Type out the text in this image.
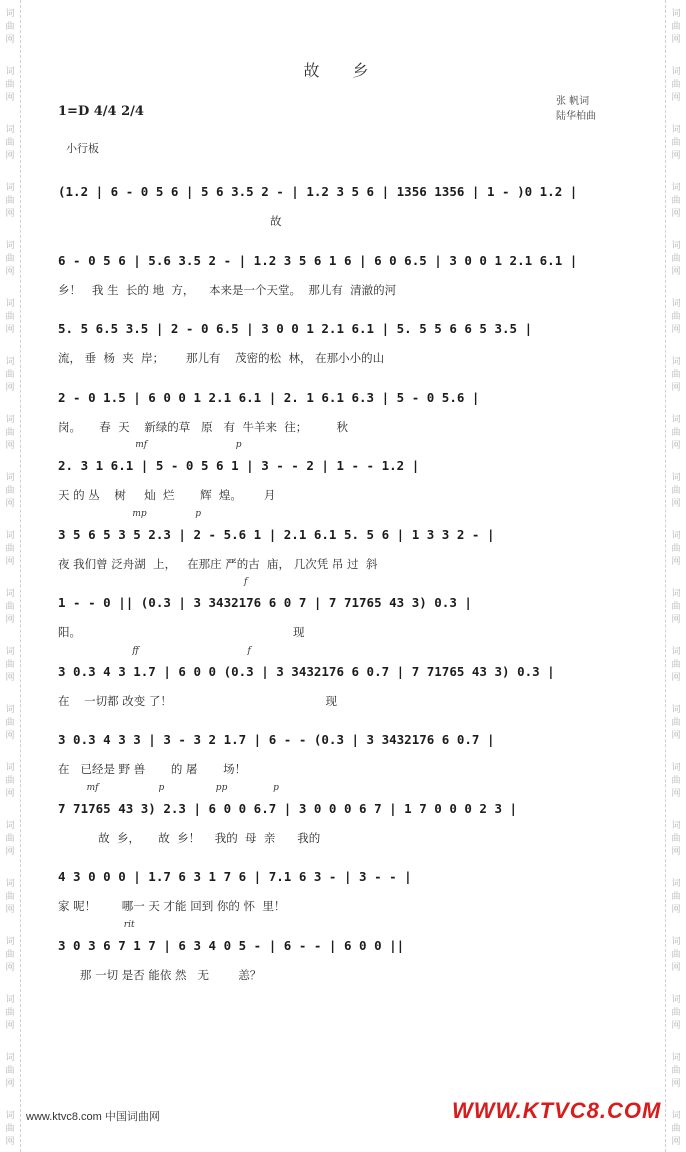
词
曲
网
词
曲
网
词
曲
网
词
曲
网
词
曲
网
词
曲
网
词
曲
网
词
曲
网
词
曲
网
词
曲
网
词
曲
网
词
曲
网
词
曲
网
词
曲
网
词
曲
网
词
曲
网
词
曲
网
词
曲
网
词
曲
网
词
曲
网
词
曲
网
词
曲
网
词
曲
网
词
曲
网
词
曲
网
词
曲
网
词
曲
网
词
曲
网
词
曲
网
词
曲
网
词
曲
网
词
曲
网
词
曲
网
词
曲
网
词
曲
网
词
曲
网
词
曲
网
词
曲
网
词
曲
网
词
曲
网
故 乡
1=D 4/4 2/4
张 帆词
陆华柏曲
小行板
(1.2 | 6 - 0 5 6 | 5 6 3.5 2 - | 1.2 3 5 6 | 1356 1356 | 1 - )0 1.2 |
故
6 - 0 5 6 | 5.6 3.5 2 - | 1.2 3 5 6 1 6 | 6 0 6.5 | 3 0 0 1 2.1 6.1 |
乡！   我 生  长的 地  方，    本来是一个天堂。  那儿有  清澈的河
5. 5 6.5 3.5 | 2 - 0 6.5 | 3 0 0 1 2.1 6.1 | 5. 5 5 6 6 5 3.5 |
流， 垂  杨  夹  岸；      那儿有    茂密的松  林， 在那小小的山
2 - 0 1.5 | 6 0 0 1 2.1 6.1 | 2. 1 6.1 6.3 | 5 - 0 5.6 |
岗。     春  天    新绿的草   原   有  牛羊来  往；        秋
mf                               p
2. 3 1 6.1 | 5 - 0 5 6 1 | 3 - - 2 | 1 - - 1.2 |
天 的 丛    树     灿  烂       辉  煌。      月
mp                 p
3 5 6 5 3 5 2.3 | 2 - 5.6 1 | 2.1 6.1 5. 5 6 | 1 3 3 2 - |
夜 我们曾 泛舟湖  上，   在那庄 严的古  庙， 几次凭 吊 过  斜
f
1 - - 0 || (0.3 | 3 3432176 6 0 7 | 7 71765 43 3) 0.3 |
阳。                                                          现
ff                                      f
3 0.3 4 3 1.7 | 6 0 0 (0.3 | 3 3432176 6 0.7 | 7 71765 43 3) 0.3 |
在    一切都 改变 了！                                          现
3 0.3 4 3 3 | 3 - 3 2 1.7 | 6 - - (0.3 | 3 3432176 6 0.7 |
在   已经是 野 兽       的 屠       场！
mf                     p                  pp                p
7 71765 43 3) 2.3 | 6 0 0 6.7 | 3 0 0 0 6 7 | 1 7 0 0 0 2 3 |
故  乡，     故  乡！    我的  母  亲      我的
4 3 0 0 0 | 1.7 6 3 1 7 6 | 7.1 6 3 - | 3 - - |
家 呢！       哪一 天 才能 回到 你的 怀  里！
rit
3 0 3 6 7 1 7 | 6 3 4 0 5 - | 6 - - | 6 0 0 ||
那 一切 是否 能依 然   无        恙？
www.ktvc8.com 中国词曲网	WWW.KTVC8.COM
